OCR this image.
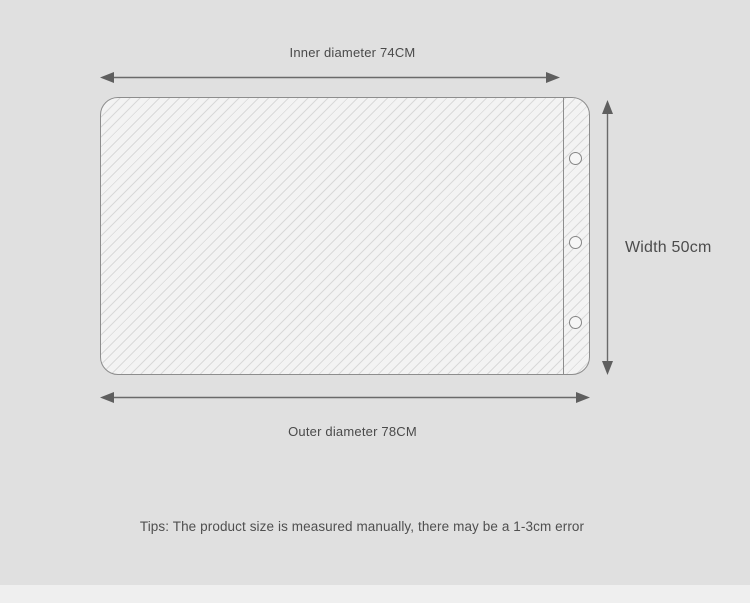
Inner diameter 74CM
Width 50cm
Outer diameter 78CM
Tips: The product size is measured manually, there may be a 1-3cm error
